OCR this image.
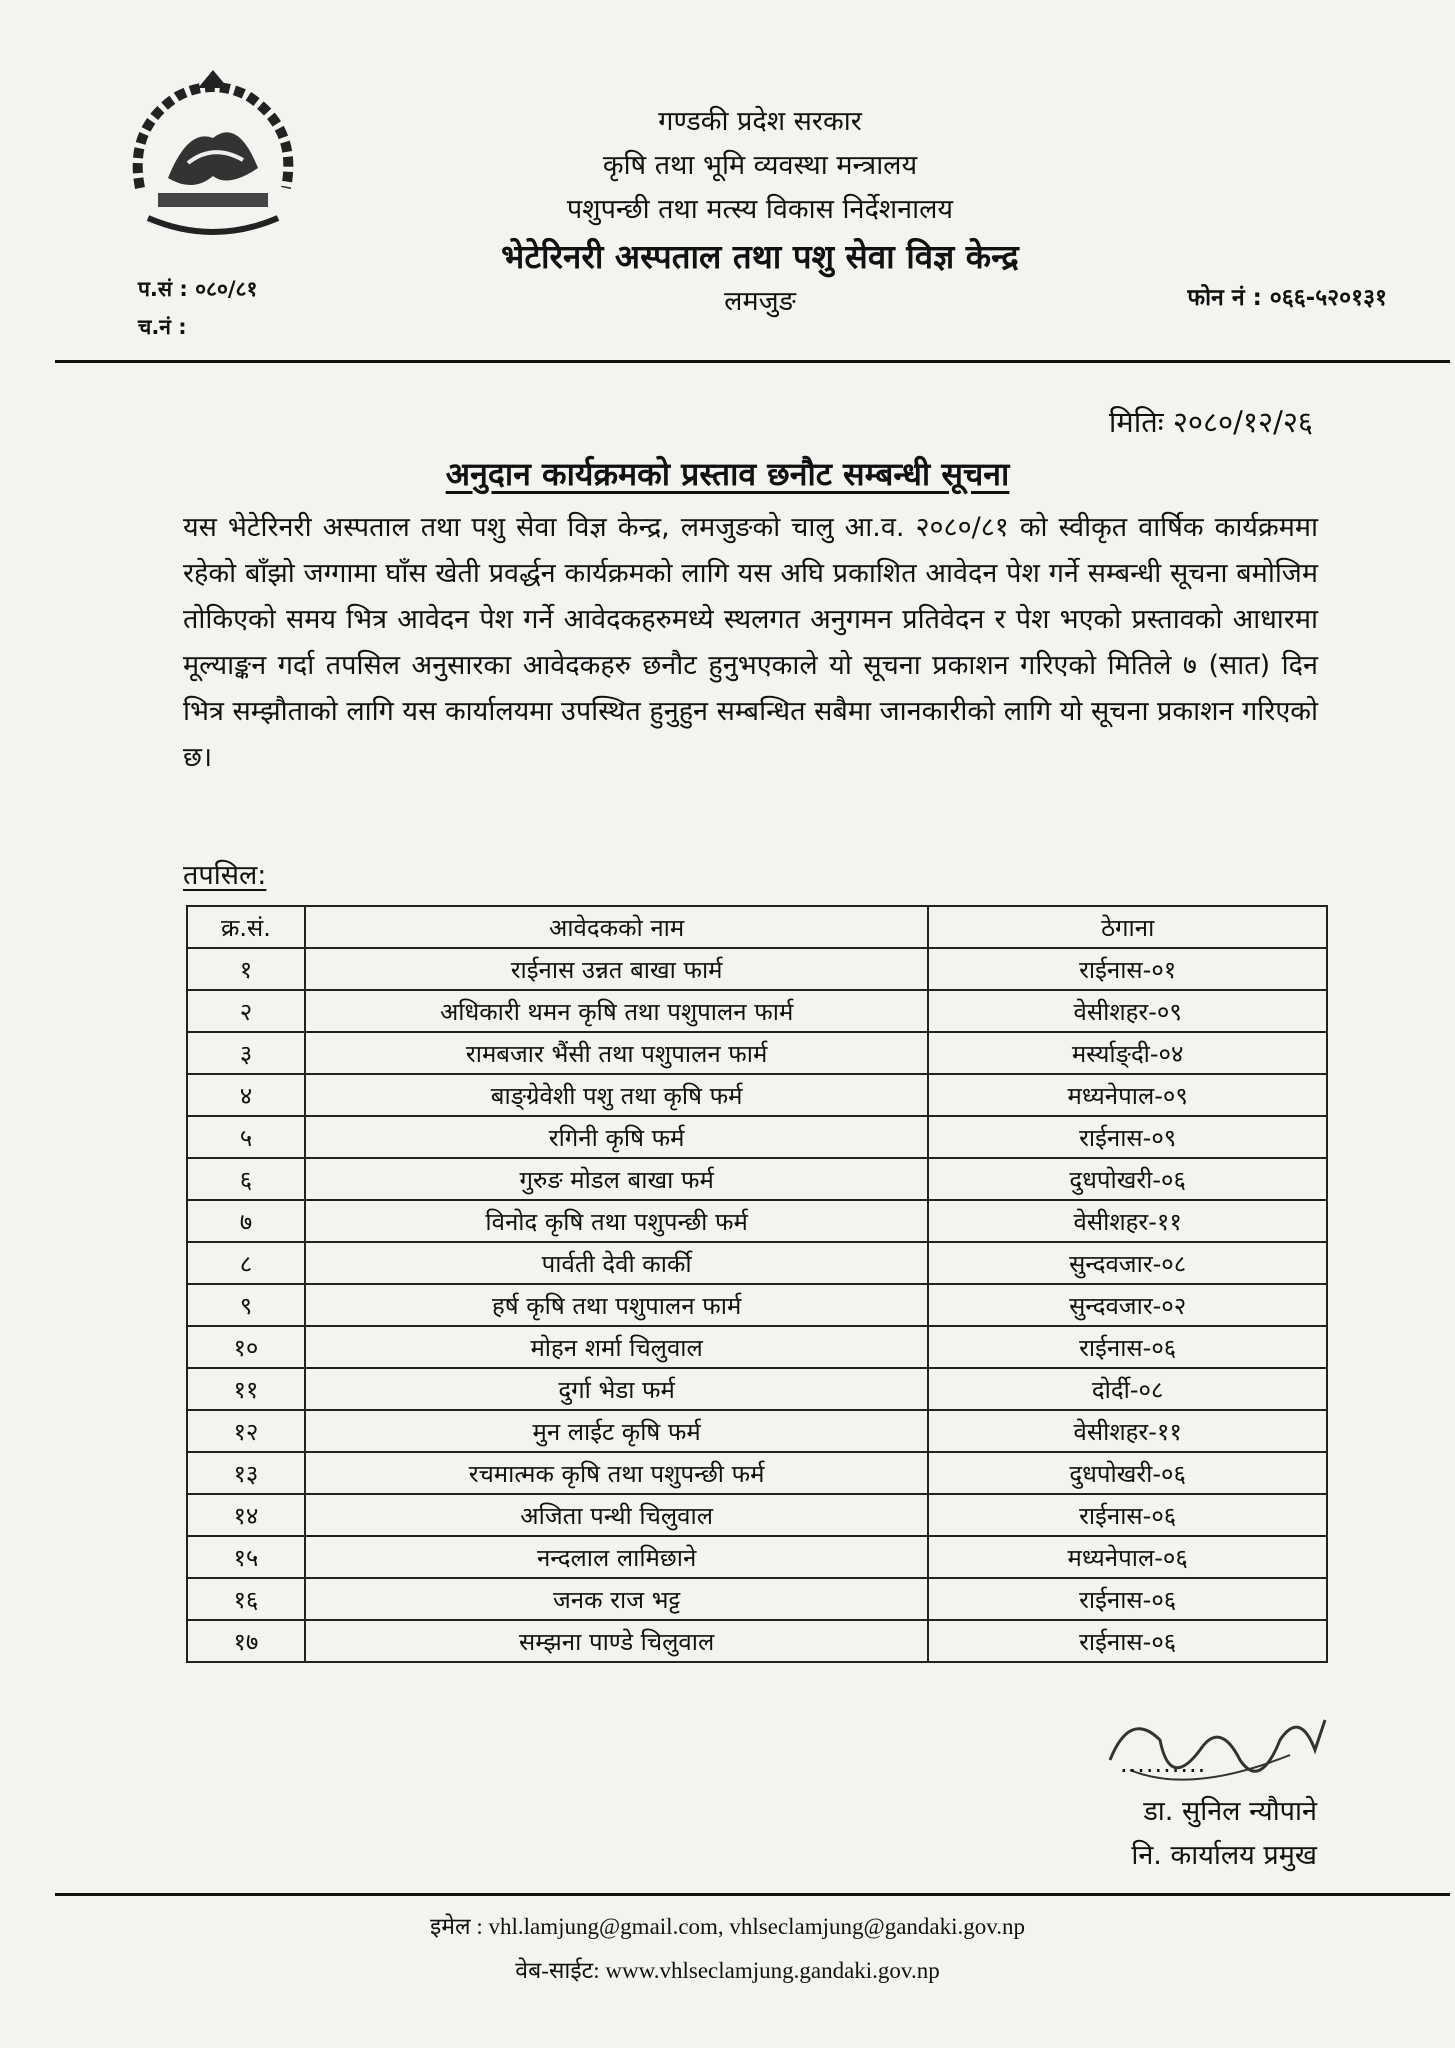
गण्डकी प्रदेश सरकार
कृषि तथा भूमि व्यवस्था मन्त्रालय
पशुपन्छी तथा मत्स्य विकास निर्देशनालय
भेटेरिनरी अस्पताल तथा पशु सेवा विज्ञ केन्द्र
लमजुङ
प.सं : ०८०/८१
च.नं :
फोन नं : ०६६-५२०१३१
मितिः २०८०/१२/२६
अनुदान कार्यक्रमको प्रस्ताव छनौट सम्बन्धी सूचना
यस भेटेरिनरी अस्पताल तथा पशु सेवा विज्ञ केन्द्र, लमजुङको चालु आ.व. २०८०/८१ को स्वीकृत वार्षिक कार्यक्रममा रहेको बाँझो जग्गामा घाँस खेती प्रवर्द्धन कार्यक्रमको लागि यस अघि प्रकाशित आवेदन पेश गर्ने सम्बन्धी सूचना बमोजिम तोकिएको समय भित्र आवेदन पेश गर्ने आवेदकहरुमध्ये स्थलगत अनुगमन प्रतिवेदन र पेश भएको प्रस्तावको आधारमा मूल्याङ्कन गर्दा तपसिल अनुसारका आवेदकहरु छनौट हुनुभएकाले यो सूचना प्रकाशन गरिएको मितिले ७ (सात) दिन भित्र सम्झौताको लागि यस कार्यालयमा उपस्थित हुनुहुन सम्बन्धित सबैमा जानकारीको लागि यो सूचना प्रकाशन गरिएको छ।
तपसिल:
क्र.सं.	आवेदकको नाम	ठेगाना
१	राईनास उन्नत बाखा फार्म	राईनास-०१
२	अधिकारी थमन कृषि तथा पशुपालन फार्म	वेसीशहर-०९
३	रामबजार भैंसी तथा पशुपालन फार्म	मर्स्याङ्दी-०४
४	बाङ्ग्रेवेशी पशु तथा कृषि फर्म	मध्यनेपाल-०९
५	रगिनी कृषि फर्म	राईनास-०९
६	गुरुङ मोडल बाखा फर्म	दुधपोखरी-०६
७	विनोद कृषि तथा पशुपन्छी फर्म	वेसीशहर-११
८	पार्वती देवी कार्की	सुन्दवजार-०८
९	हर्ष कृषि तथा पशुपालन फार्म	सुन्दवजार-०२
१०	मोहन शर्मा चिलुवाल	राईनास-०६
११	दुर्गा भेडा फर्म	दोर्दी-०८
१२	मुन लाईट कृषि फर्म	वेसीशहर-११
१३	रचमात्मक कृषि तथा पशुपन्छी फर्म	दुधपोखरी-०६
१४	अजिता पन्थी चिलुवाल	राईनास-०६
१५	नन्दलाल लामिछाने	मध्यनेपाल-०६
१६	जनक राज भट्ट	राईनास-०६
१७	सम्झना पाण्डे चिलुवाल	राईनास-०६
..........
डा. सुनिल न्यौपाने
नि. कार्यालय प्रमुख
इमेल : vhl.lamjung@gmail.com, vhlseclamjung@gandaki.gov.np
वेब-साईट: www.vhlseclamjung.gandaki.gov.np
